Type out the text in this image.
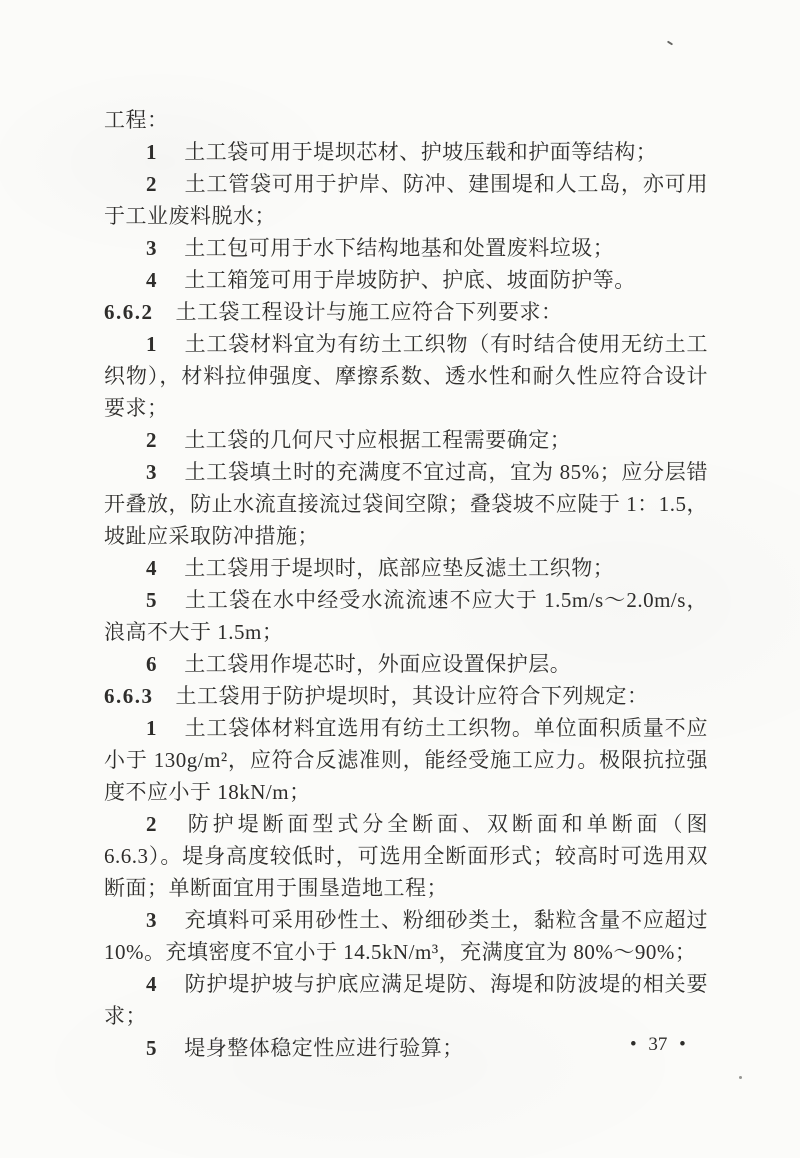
工程：

1 土工袋可用于堤坝芯材、护坡压载和护面等结构；

2 土工管袋可用于护岸、防冲、建围堤和人工岛，亦可用于工业废料脱水；

3 土工包可用于水下结构地基和处置废料垃圾；

4 土工箱笼可用于岸坡防护、护底、坡面防护等。

6.6.2 土工袋工程设计与施工应符合下列要求：

1 土工袋材料宜为有纺土工织物（有时结合使用无纺土工织物），材料拉伸强度、摩擦系数、透水性和耐久性应符合设计要求；

2 土工袋的几何尺寸应根据工程需要确定；

3 土工袋填土时的充满度不宜过高，宜为 85%；应分层错开叠放，防止水流直接流过袋间空隙；叠袋坡不应陡于 1：1.5，坡趾应采取防冲措施；

4 土工袋用于堤坝时，底部应垫反滤土工织物；

5 土工袋在水中经受水流流速不应大于 1.5m/s～2.0m/s，浪高不大于 1.5m；

6 土工袋用作堤芯时，外面应设置保护层。

6.6.3 土工袋用于防护堤坝时，其设计应符合下列规定：

1 土工袋体材料宜选用有纺土工织物。单位面积质量不应小于 130g/m²，应符合反滤准则，能经受施工应力。极限抗拉强度不应小于 18kN/m；

2 防护堤断面型式分全断面、双断面和单断面（图 6.6.3）。堤身高度较低时，可选用全断面形式；较高时可选用双断面；单断面宜用于围垦造地工程；

3 充填料可采用砂性土、粉细砂类土，黏粒含量不应超过 10%。充填密度不宜小于 14.5kN/m³，充满度宜为 80%～90%；

4 防护堤护坡与护底应满足堤防、海堤和防波堤的相关要求；

5 堤身整体稳定性应进行验算；	• 37 •
